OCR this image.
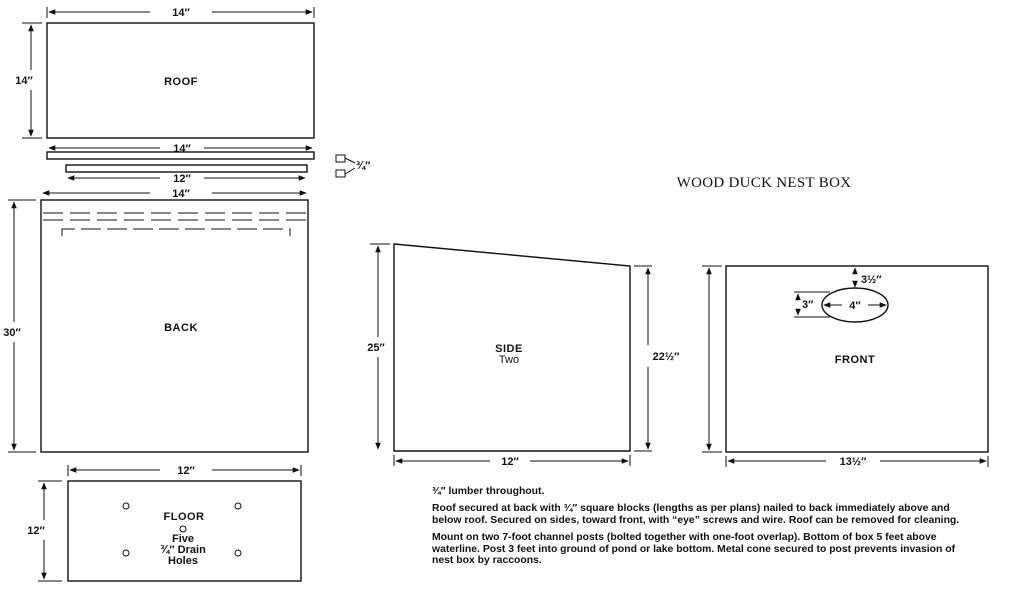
ROOF
14″
14″
14″
12″
¾″
BACK
14″
30″
FLOOR
Five
¾″ Drain
Holes
12″
12″
WOOD DUCK NEST BOX
SIDE
Two
25″
22½″
12″
FRONT
4″
3½″
3″
13½″

¾″ lumber throughout.

Roof secured at back with ¾″ square blocks (lengths as per plans) nailed to back immediately above and below roof. Secured on sides, toward front, with “eye” screws and wire. Roof can be removed for cleaning.

Mount on two 7-foot channel posts (bolted together with one-foot overlap). Bottom of box 5 feet above waterline. Post 3 feet into ground of pond or lake bottom. Metal cone secured to post prevents invasion of nest box by raccoons.
